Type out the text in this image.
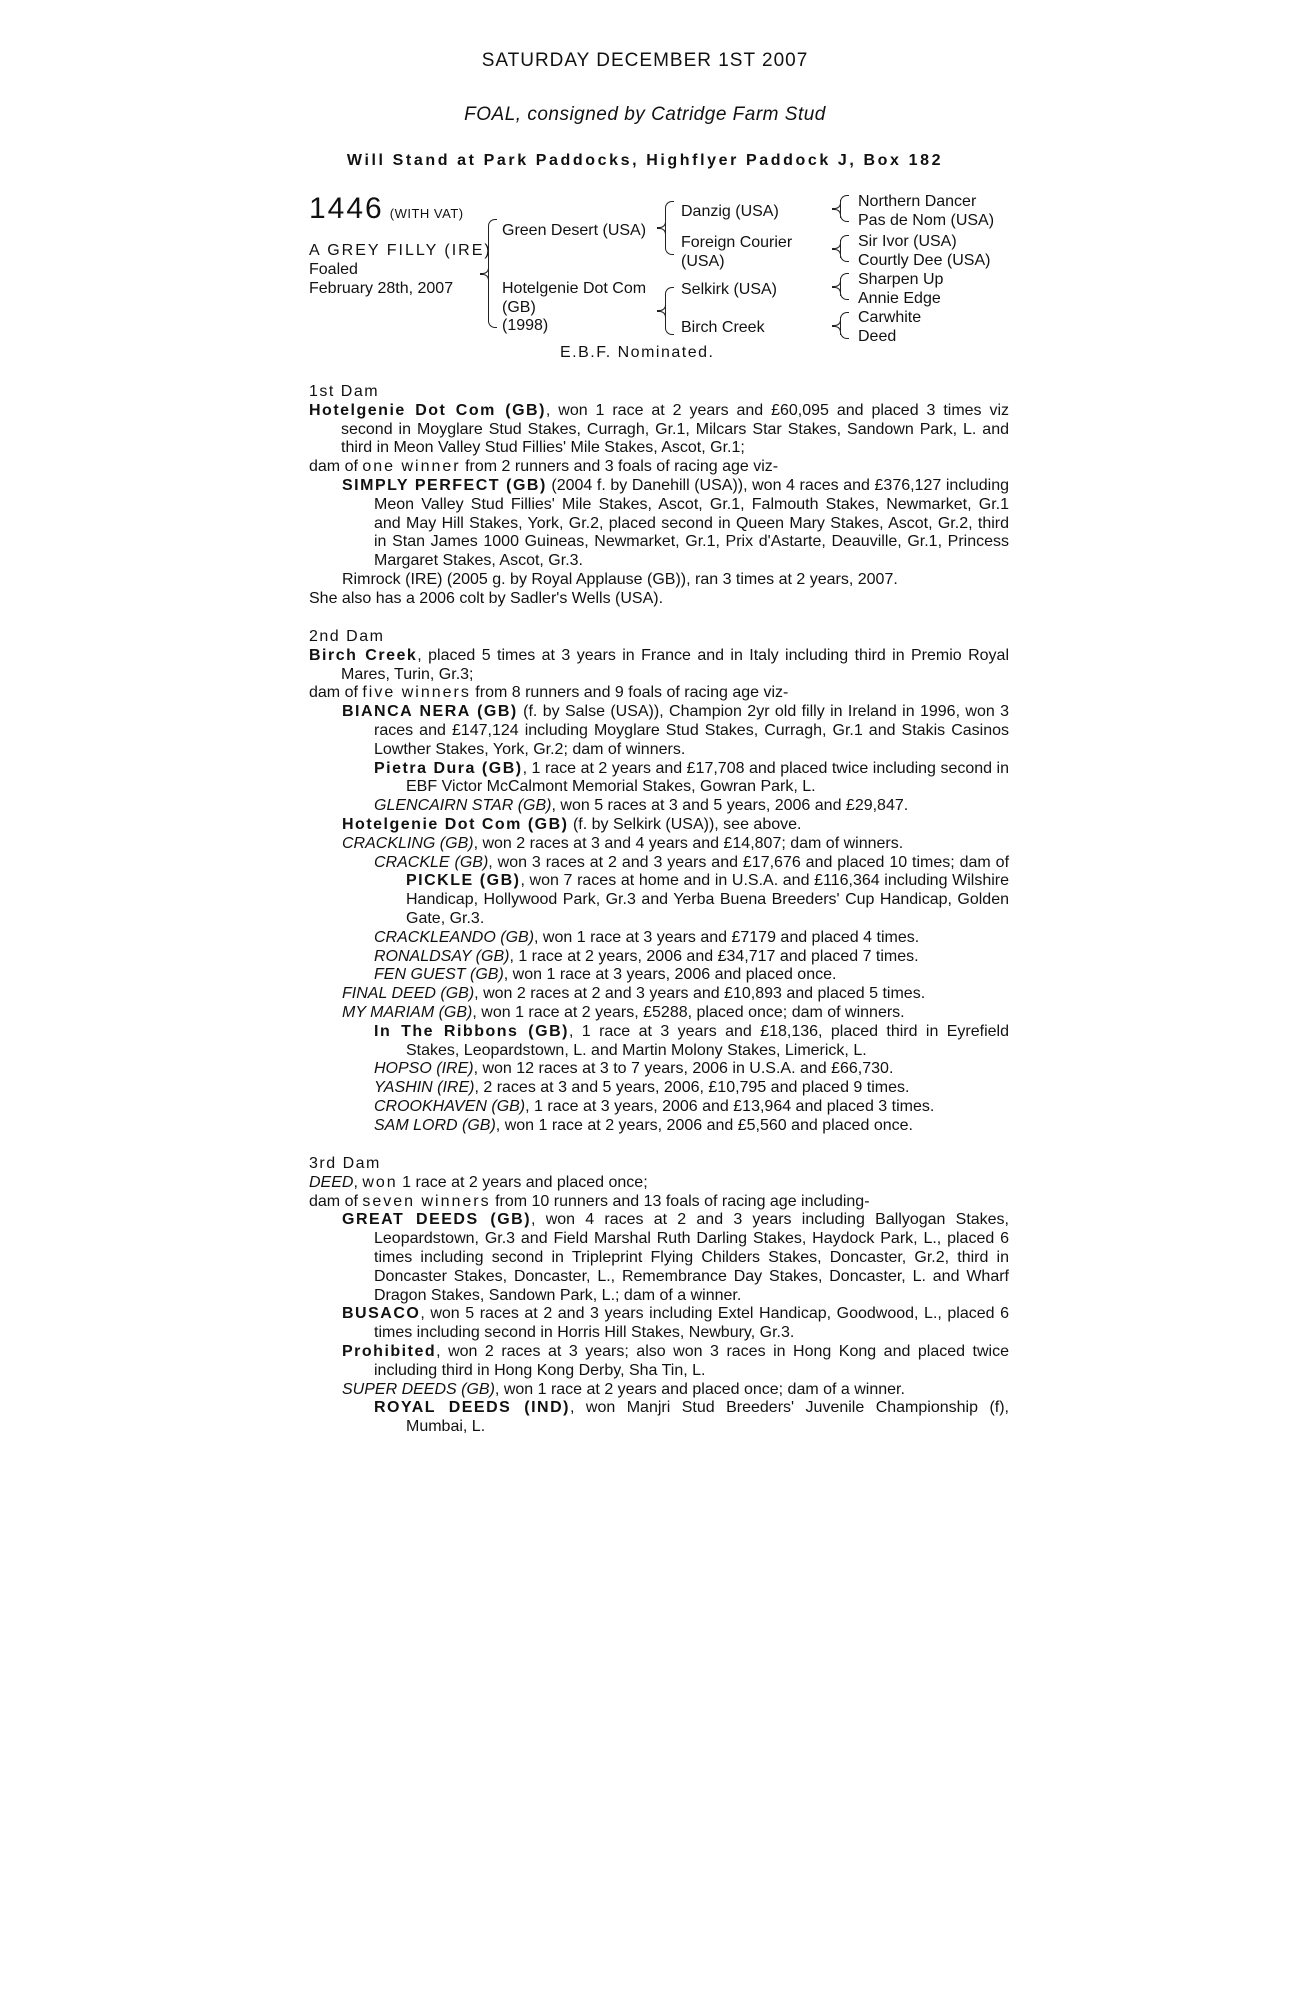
SATURDAY DECEMBER 1ST 2007
FOAL, consigned by Catridge Farm Stud
Will Stand at Park Paddocks, Highflyer Paddock J, Box 182
1446 (WITH VAT)
A GREY FILLY (IRE)
Foaled
February 28th, 2007
Green Desert (USA)
Hotelgenie Dot Com
(GB)
(1998)
Danzig (USA)
Foreign Courier
(USA)
Selkirk (USA)
Birch Creek
Northern Dancer
Pas de Nom (USA)
Sir Ivor (USA)
Courtly Dee (USA)
Sharpen Up
Annie Edge
Carwhite
Deed
E.B.F. Nominated.

1st Dam

Hotelgenie Dot Com (GB), won 1 race at 2 years and £60,095 and placed 3 times viz second in Moyglare Stud Stakes, Curragh, Gr.1, Milcars Star Stakes, Sandown Park, L. and third in Meon Valley Stud Fillies' Mile Stakes, Ascot, Gr.1;

dam of one winner from 2 runners and 3 foals of racing age viz-

SIMPLY PERFECT (GB) (2004 f. by Danehill (USA)), won 4 races and £376,127 including Meon Valley Stud Fillies' Mile Stakes, Ascot, Gr.1, Falmouth Stakes, Newmarket, Gr.1 and May Hill Stakes, York, Gr.2, placed second in Queen Mary Stakes, Ascot, Gr.2, third in Stan James 1000 Guineas, Newmarket, Gr.1, Prix d'Astarte, Deauville, Gr.1, Princess Margaret Stakes, Ascot, Gr.3.

Rimrock (IRE) (2005 g. by Royal Applause (GB)), ran 3 times at 2 years, 2007.

She also has a 2006 colt by Sadler's Wells (USA).

2nd Dam

Birch Creek, placed 5 times at 3 years in France and in Italy including third in Premio Royal Mares, Turin, Gr.3;

dam of five winners from 8 runners and 9 foals of racing age viz-

BIANCA NERA (GB) (f. by Salse (USA)), Champion 2yr old filly in Ireland in 1996, won 3 races and £147,124 including Moyglare Stud Stakes, Curragh, Gr.1 and Stakis Casinos Lowther Stakes, York, Gr.2; dam of winners.

Pietra Dura (GB), 1 race at 2 years and £17,708 and placed twice including second in EBF Victor McCalmont Memorial Stakes, Gowran Park, L.

GLENCAIRN STAR (GB), won 5 races at 3 and 5 years, 2006 and £29,847.

Hotelgenie Dot Com (GB) (f. by Selkirk (USA)), see above.

CRACKLING (GB), won 2 races at 3 and 4 years and £14,807; dam of winners.

CRACKLE (GB), won 3 races at 2 and 3 years and £17,676 and placed 10 times; dam of PICKLE (GB), won 7 races at home and in U.S.A. and £116,364 including Wilshire Handicap, Hollywood Park, Gr.3 and Yerba Buena Breeders' Cup Handicap, Golden Gate, Gr.3.

CRACKLEANDO (GB), won 1 race at 3 years and £7179 and placed 4 times.

RONALDSAY (GB), 1 race at 2 years, 2006 and £34,717 and placed 7 times.

FEN GUEST (GB), won 1 race at 3 years, 2006 and placed once.

FINAL DEED (GB), won 2 races at 2 and 3 years and £10,893 and placed 5 times.

MY MARIAM (GB), won 1 race at 2 years, £5288, placed once; dam of winners.

In The Ribbons (GB), 1 race at 3 years and £18,136, placed third in Eyrefield Stakes, Leopardstown, L. and Martin Molony Stakes, Limerick, L.

HOPSO (IRE), won 12 races at 3 to 7 years, 2006 in U.S.A. and £66,730.

YASHIN (IRE), 2 races at 3 and 5 years, 2006, £10,795 and placed 9 times.

CROOKHAVEN (GB), 1 race at 3 years, 2006 and £13,964 and placed 3 times.

SAM LORD (GB), won 1 race at 2 years, 2006 and £5,560 and placed once.

3rd Dam

DEED, won 1 race at 2 years and placed once;

dam of seven winners from 10 runners and 13 foals of racing age including-

GREAT DEEDS (GB), won 4 races at 2 and 3 years including Ballyogan Stakes, Leopardstown, Gr.3 and Field Marshal Ruth Darling Stakes, Haydock Park, L., placed 6 times including second in Tripleprint Flying Childers Stakes, Doncaster, Gr.2, third in Doncaster Stakes, Doncaster, L., Remembrance Day Stakes, Doncaster, L. and Wharf Dragon Stakes, Sandown Park, L.; dam of a winner.

BUSACO, won 5 races at 2 and 3 years including Extel Handicap, Goodwood, L., placed 6 times including second in Horris Hill Stakes, Newbury, Gr.3.

Prohibited, won 2 races at 3 years; also won 3 races in Hong Kong and placed twice including third in Hong Kong Derby, Sha Tin, L.

SUPER DEEDS (GB), won 1 race at 2 years and placed once; dam of a winner.

ROYAL DEEDS (IND), won Manjri Stud Breeders' Juvenile Championship (f), Mumbai, L.
